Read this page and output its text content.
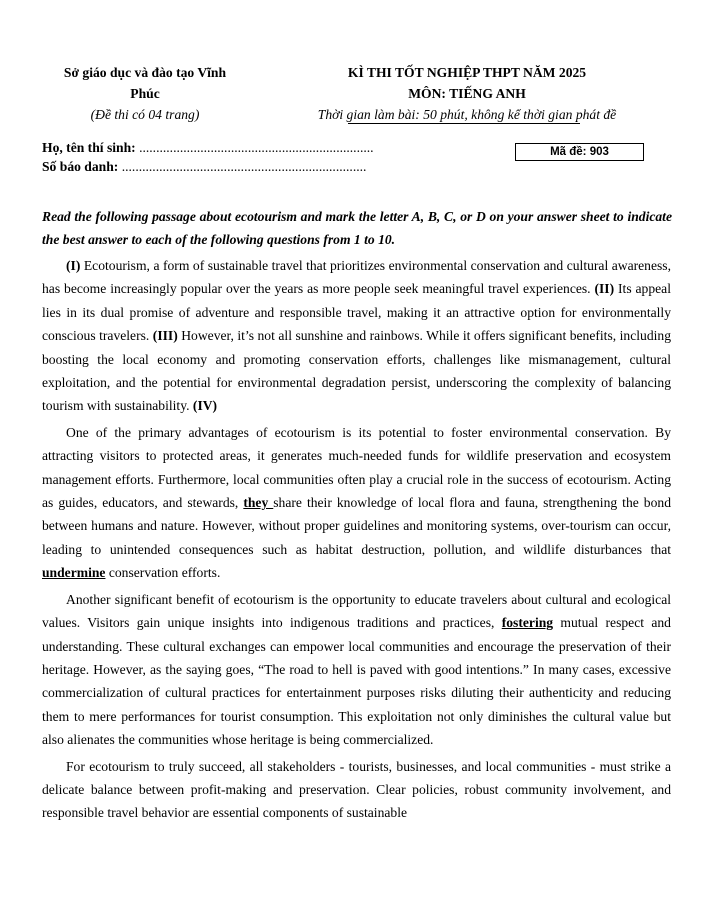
Sở giáo dục và đào tạo Vĩnh
Phúc
(Đề thi có 04 trang)
KÌ THI TỐT NGHIỆP THPT NĂM 2025
MÔN: TIẾNG ANH
Thời gian làm bài: 50 phút, không kể thời gian phát đề
Họ, tên thí sinh: .....................................................................
Số báo danh: ........................................................................
Mã đề: 903
Read the following passage about ecotourism and mark the letter A, B, C, or D on your answer sheet to indicate the best answer to each of the following questions from 1 to 10.

(I) Ecotourism, a form of sustainable travel that prioritizes environmental conservation and cultural awareness, has become increasingly popular over the years as more people seek meaningful travel experiences. (II) Its appeal lies in its dual promise of adventure and responsible travel, making it an attractive option for environmentally conscious travelers. (III) However, it’s not all sunshine and rainbows. While it offers significant benefits, including boosting the local economy and promoting conservation efforts, challenges like mismanagement, cultural exploitation, and the potential for environmental degradation persist, underscoring the complexity of balancing tourism with sustainability. (IV)

One of the primary advantages of ecotourism is its potential to foster environmental conservation. By attracting visitors to protected areas, it generates much-needed funds for wildlife preservation and ecosystem management efforts. Furthermore, local communities often play a crucial role in the success of ecotourism. Acting as guides, educators, and stewards, they share their knowledge of local flora and fauna, strengthening the bond between humans and nature. However, without proper guidelines and monitoring systems, over-tourism can occur, leading to unintended consequences such as habitat destruction, pollution, and wildlife disturbances that undermine conservation efforts.

Another significant benefit of ecotourism is the opportunity to educate travelers about cultural and ecological values. Visitors gain unique insights into indigenous traditions and practices, fostering mutual respect and understanding. These cultural exchanges can empower local communities and encourage the preservation of their heritage. However, as the saying goes, “The road to hell is paved with good intentions.” In many cases, excessive commercialization of cultural practices for entertainment purposes risks diluting their authenticity and reducing them to mere performances for tourist consumption. This exploitation not only diminishes the cultural value but also alienates the communities whose heritage is being commercialized.

For ecotourism to truly succeed, all stakeholders - tourists, businesses, and local communities - must strike a delicate balance between profit-making and preservation. Clear policies, robust community involvement, and responsible travel behavior are essential components of sustainable
